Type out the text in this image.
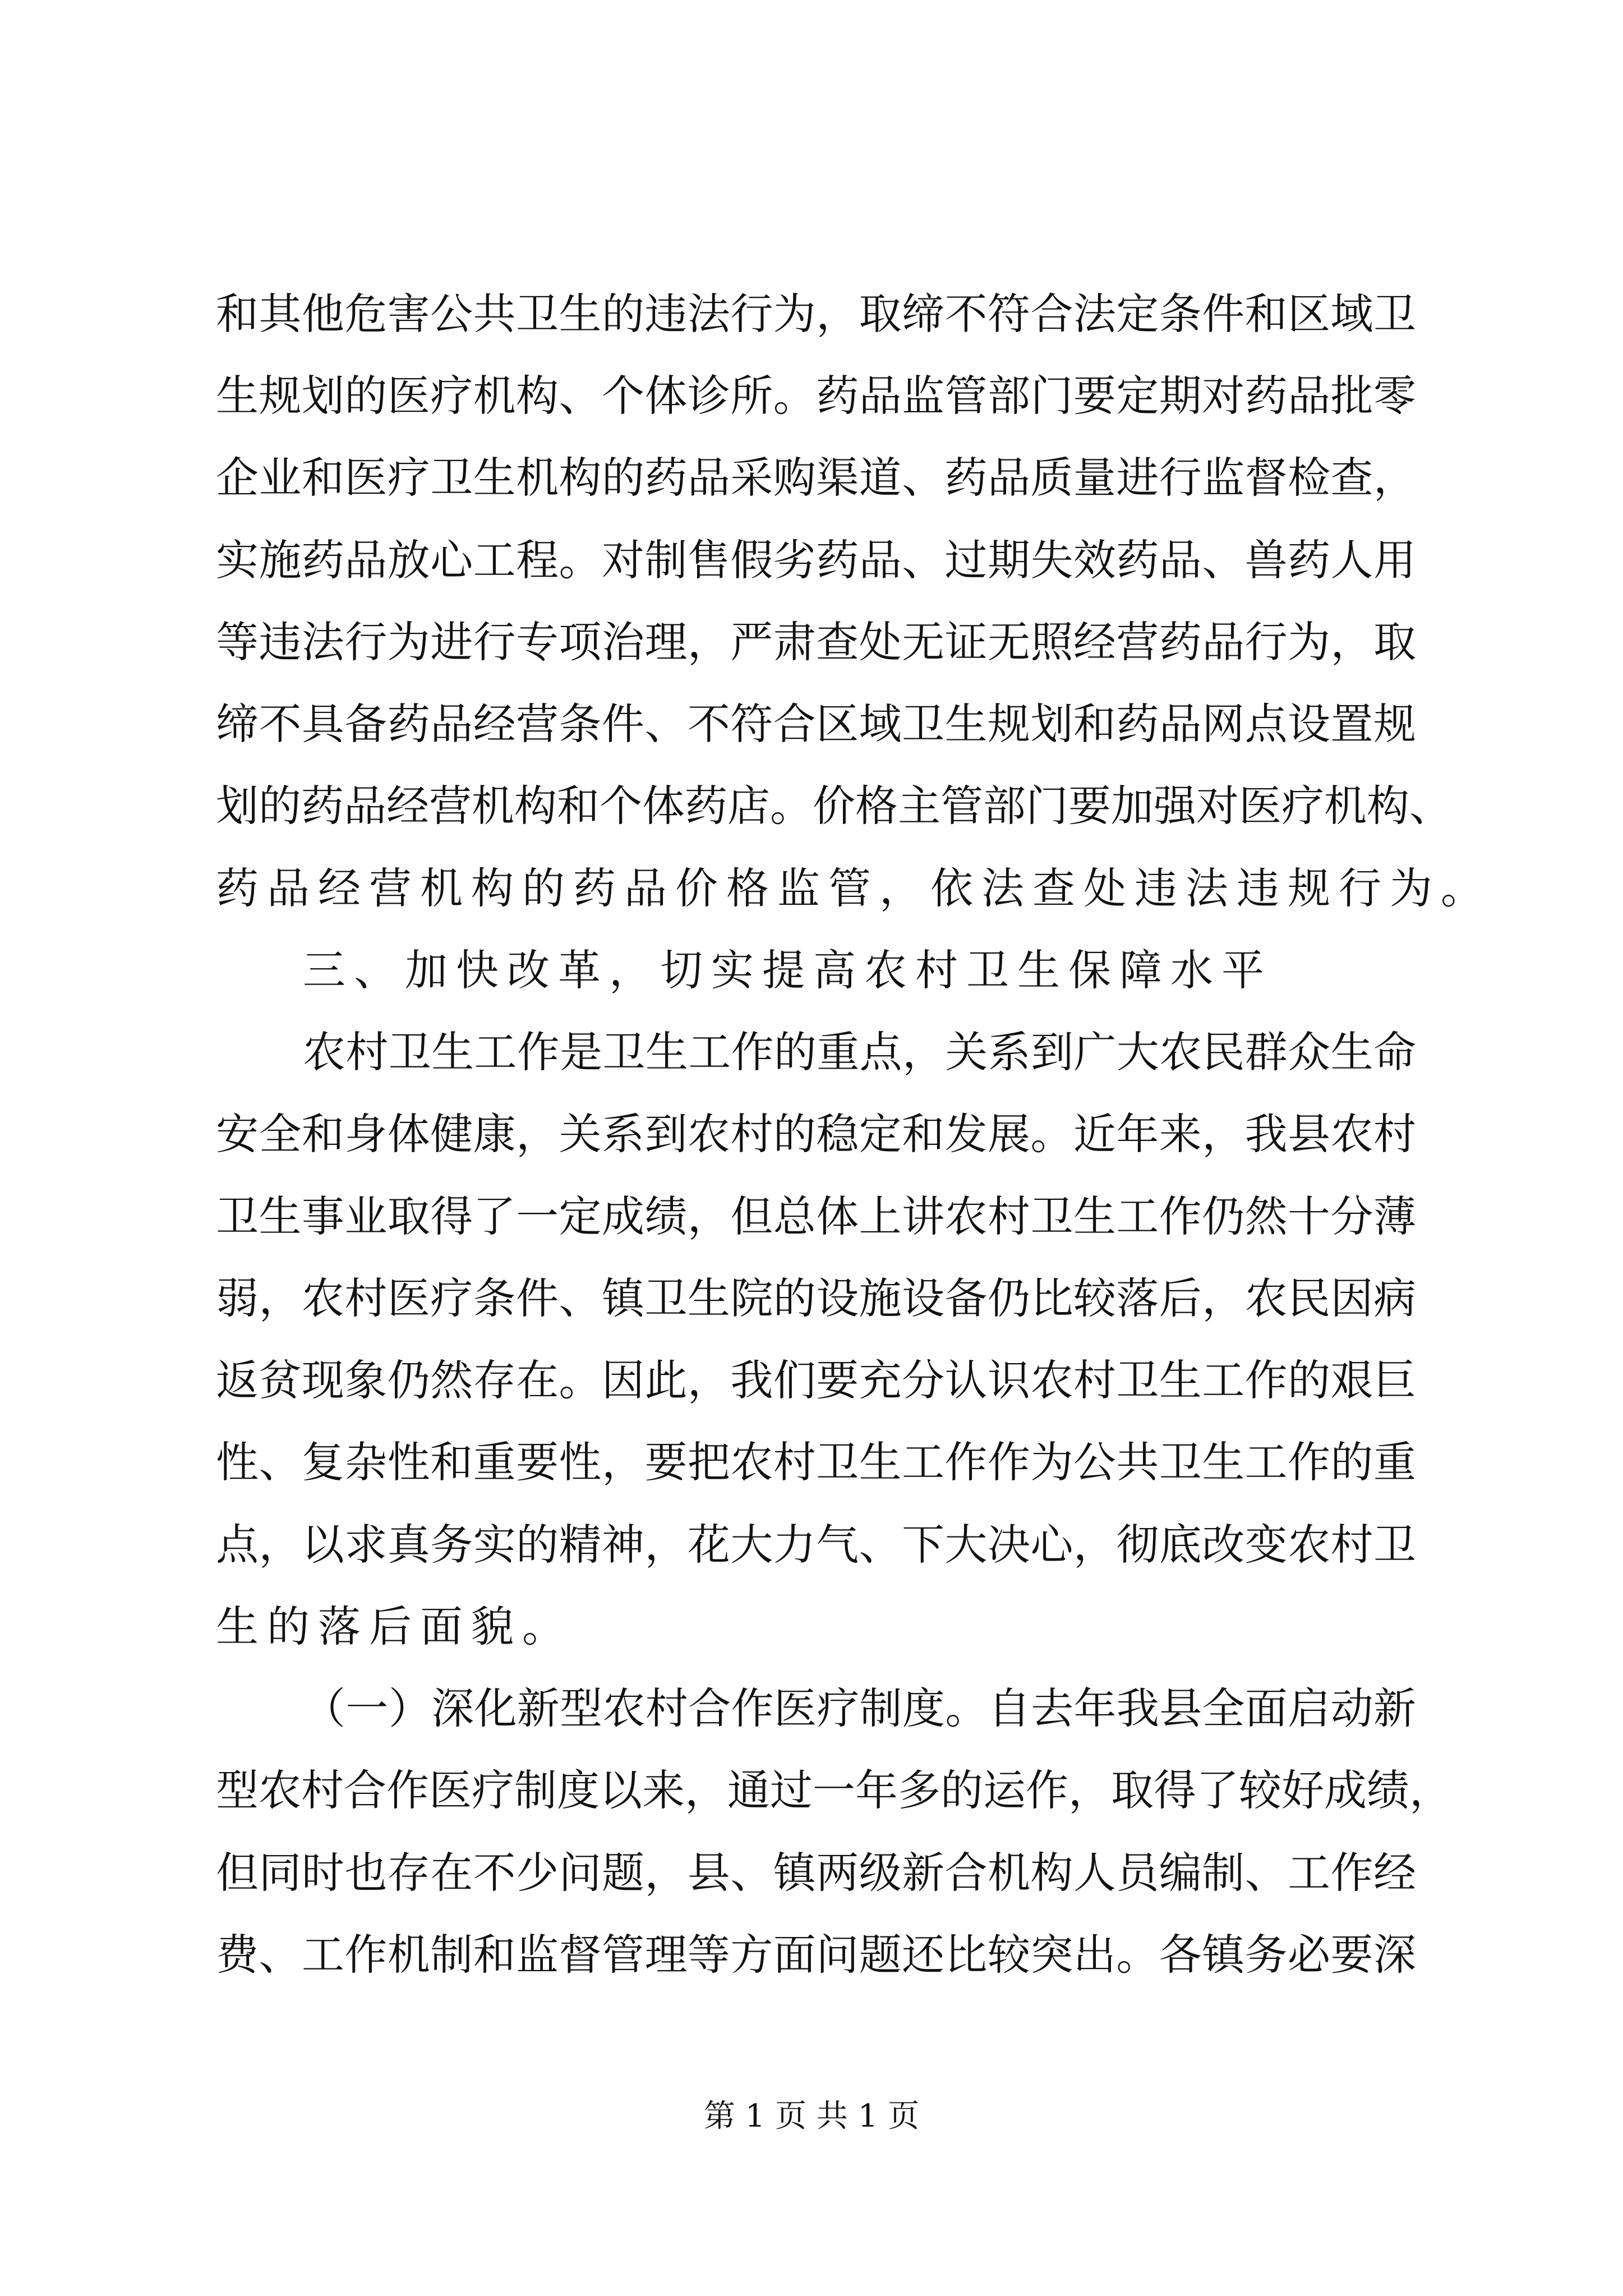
和其他危害公共卫生的违法行为，取缔不符合法定条件和区域卫
生规划的医疗机构、个体诊所。药品监管部门要定期对药品批零
企业和医疗卫生机构的药品采购渠道、药品质量进行监督检查，
实施药品放心工程。对制售假劣药品、过期失效药品、兽药人用
等违法行为进行专项治理，严肃查处无证无照经营药品行为，取
缔不具备药品经营条件、不符合区域卫生规划和药品网点设置规
划的药品经营机构和个体药店。价格主管部门要加强对医疗机构、
药品经营机构的药品价格监管，依法查处违法违规行为。
三、加快改革，切实提高农村卫生保障水平
农村卫生工作是卫生工作的重点，关系到广大农民群众生命
安全和身体健康，关系到农村的稳定和发展。近年来，我县农村
卫生事业取得了一定成绩，但总体上讲农村卫生工作仍然十分薄
弱，农村医疗条件、镇卫生院的设施设备仍比较落后，农民因病
返贫现象仍然存在。因此，我们要充分认识农村卫生工作的艰巨
性、复杂性和重要性，要把农村卫生工作作为公共卫生工作的重
点，以求真务实的精神，花大力气、下大决心，彻底改变农村卫
生的落后面貌。
（一）深化新型农村合作医疗制度。自去年我县全面启动新
型农村合作医疗制度以来，通过一年多的运作，取得了较好成绩，
但同时也存在不少问题，县、镇两级新合机构人员编制、工作经
费、工作机制和监督管理等方面问题还比较突出。各镇务必要深
第 1 页 共 1 页
